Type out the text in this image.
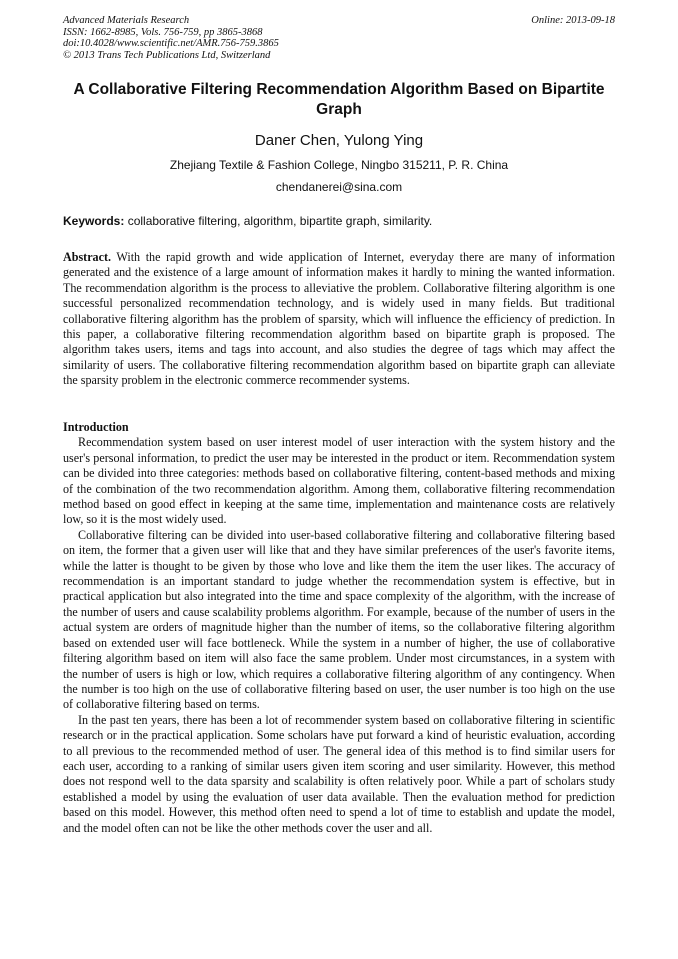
Advanced Materials Research
ISSN: 1662-8985, Vols. 756-759, pp 3865-3868
doi:10.4028/www.scientific.net/AMR.756-759.3865
© 2013 Trans Tech Publications Ltd, Switzerland
Online: 2013-09-18
A Collaborative Filtering Recommendation Algorithm Based on Bipartite Graph
Daner Chen, Yulong Ying
Zhejiang Textile & Fashion College, Ningbo 315211, P. R. China
chendanerei@sina.com
Keywords: collaborative filtering, algorithm, bipartite graph, similarity.

Abstract. With the rapid growth and wide application of Internet, everyday there are many of information generated and the existence of a large amount of information makes it hardly to mining the wanted information. The recommendation algorithm is the process to alleviative the problem. Collaborative filtering algorithm is one successful personalized recommendation technology, and is widely used in many fields. But traditional collaborative filtering algorithm has the problem of sparsity, which will influence the efficiency of prediction. In this paper, a collaborative filtering recommendation algorithm based on bipartite graph is proposed. The algorithm takes users, items and tags into account, and also studies the degree of tags which may affect the similarity of users. The collaborative filtering recommendation algorithm based on bipartite graph can alleviate the sparsity problem in the electronic commerce recommender systems.

Introduction

Recommendation system based on user interest model of user interaction with the system history and the user's personal information, to predict the user may be interested in the product or item. Recommendation system can be divided into three categories: methods based on collaborative filtering, content-based methods and mixing of the combination of the two recommendation algorithm. Among them, collaborative filtering recommendation method based on good effect in keeping at the same time, implementation and maintenance costs are relatively low, so it is the most widely used.

Collaborative filtering can be divided into user-based collaborative filtering and collaborative filtering based on item, the former that a given user will like that and they have similar preferences of the user's favorite items, while the latter is thought to be given by those who love and like them the item the user likes. The accuracy of recommendation is an important standard to judge whether the recommendation system is effective, but in practical application but also integrated into the time and space complexity of the algorithm, with the increase of the number of users and cause scalability problems algorithm. For example, because of the number of users in the actual system are orders of magnitude higher than the number of items, so the collaborative filtering algorithm based on extended user will face bottleneck. While the system in a number of higher, the use of collaborative filtering algorithm based on item will also face the same problem. Under most circumstances, in a system with the number of users is high or low, which requires a collaborative filtering algorithm of any contingency. When the number is too high on the use of collaborative filtering based on user, the user number is too high on the use of collaborative filtering based on terms.

In the past ten years, there has been a lot of recommender system based on collaborative filtering in scientific research or in the practical application. Some scholars have put forward a kind of heuristic evaluation, according to all previous to the recommended method of user. The general idea of this method is to find similar users for each user, according to a ranking of similar users given item scoring and user similarity. However, this method does not respond well to the data sparsity and scalability is often relatively poor. While a part of scholars study established a model by using the evaluation of user data available. Then the evaluation method for prediction based on this model. However, this method often need to spend a lot of time to establish and update the model, and the model often can not be like the other methods cover the user and all.
